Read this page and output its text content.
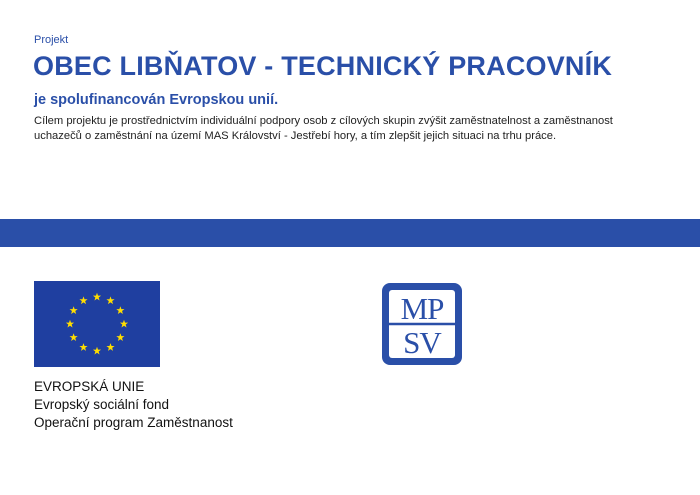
Projekt
OBEC LIBŇATOV - TECHNICKÝ PRACOVNÍK
je spolufinancován Evropskou unií.
Cílem projektu je prostřednictvím individuální podpory osob z cílových skupin zvýšit zaměstnatelnost a zaměstnanost
uchazečů o zaměstnání na území MAS Království - Jestřebí hory, a tím zlepšit jejich situaci na trhu práce.
EVROPSKÁ UNIE
Evropský sociální fond
Operační program Zaměstnanost
MP
SV
